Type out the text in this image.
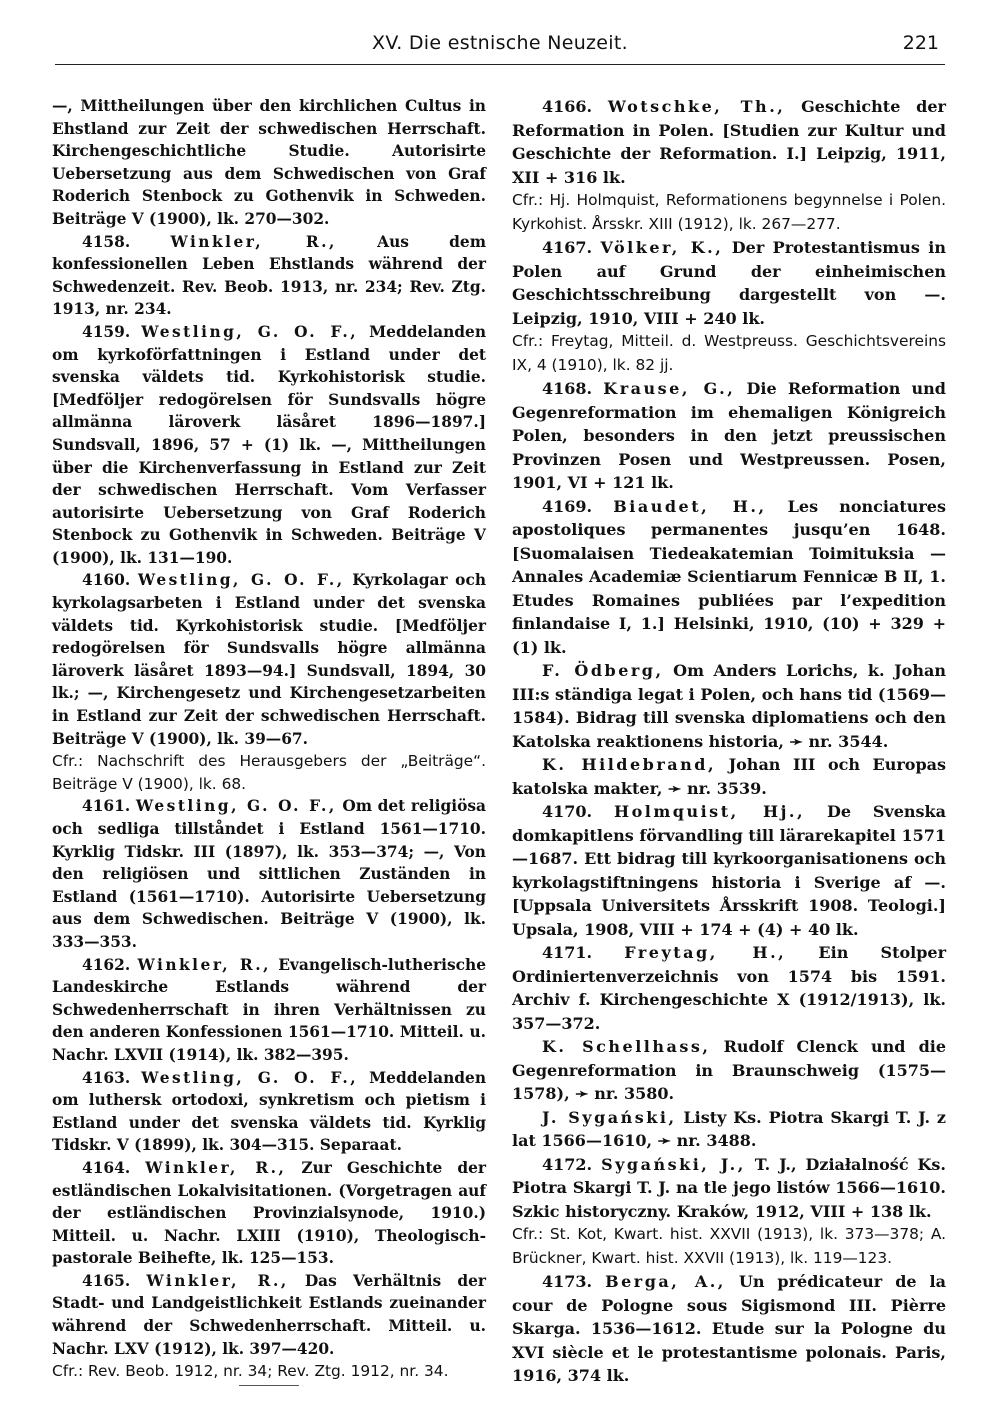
XV. Die estnische Neuzeit.	221

—, Mittheilungen über den kirchlichen Cultus in Ehstland zur Zeit der schwedischen Herrschaft. Kirchengeschichtliche Studie. Autorisirte Uebersetzung aus dem Schwedischen von Graf Roderich Stenbock zu Gothenvik in Schweden. Beiträge V (1900), lk. 270—302.

4158.	Winkler, R.,	Aus dem konfessionellen Leben Ehstlands während der Schwedenzeit. Rev. Beob. 1913, nr. 234; Rev. Ztg. 1913, nr. 234.

4159. Westling, G. O. F., Meddelanden om kyrkoförfattningen i Estland under det svenska väldets tid. Kyrkohistorisk studie. [Medföljer redogörelsen för Sundsvalls högre allmänna läroverk läsåret 1896—1897.] Sundsvall, 1896, 57 + (1) lk. —, Mittheilungen über die Kirchenverfassung in Estland zur Zeit der schwedischen Herrschaft. Vom Verfasser autorisirte Uebersetzung von Graf Roderich Stenbock zu Gothenvik in Schweden. Beiträge V (1900), lk. 131—190.

4160. Westling, G. O. F., Kyrkolagar och kyrkolagsarbeten i Estland under det svenska väldets tid. Kyrkohistorisk studie. [Medföljer redogörelsen för Sundsvalls högre allmänna läroverk läsåret 1893—94.] Sundsvall, 1894, 30 lk.; —, Kirchengesetz und Kirchengesetzarbeiten in Estland zur Zeit der schwedischen Herrschaft. Beiträge V (1900), lk. 39—67.

Cfr.: Nachschrift des Herausgebers der „Beiträge“. Beiträge V (1900), lk. 68.

4161. Westling, G. O. F., Om det religiösa och sedliga tillståndet i Estland 1561—1710. Kyrklig Tidskr. III (1897), lk. 353—374; —, Von den religiösen und sittlichen Zuständen in Estland (1561—1710). Autorisirte Uebersetzung aus dem Schwedischen. Beiträge V (1900), lk. 333—353.

4162. Winkler, R., Evangelisch-lutherische Landeskirche Estlands während der Schwedenherrschaft in ihren Verhältnissen zu den anderen Konfessionen 1561—1710. Mitteil. u. Nachr. LXVII (1914), lk. 382—395.

4163. Westling, G. O. F., Meddelanden om luthersk ortodoxi, synkretism och pietism i Estland under det svenska väldets tid. Kyrklig Tidskr. V (1899), lk. 304—315. Separaat.

4164. Winkler, R., Zur Geschichte der estländischen Lokalvisitationen. (Vorgetragen auf der estländischen Provinzialsynode, 1910.) Mitteil. u. Nachr. LXIII (1910), Theologisch-pastorale Beihefte, lk. 125—153.

4165. Winkler, R., Das Verhältnis der Stadt- und Landgeistlichkeit Estlands zueinander während der Schwedenherrschaft. Mitteil. u. Nachr. LXV (1912), lk. 397—420.

Cfr.: Rev. Beob. 1912, nr. 34; Rev. Ztg. 1912, nr. 34.

4166. Wotschke, Th., Geschichte der Reformation in Polen. [Studien zur Kultur und Geschichte der Reformation. I.] Leipzig, 1911, XII + 316 lk.

Cfr.: Hj. Holmquist, Reformationens begynnelse i Polen. Kyrkohist. Årsskr. XIII (1912), lk. 267—277.

4167. Völker, K., Der Protestantismus in Polen auf Grund der einheimischen Geschichtsschreibung dargestellt von —. Leipzig, 1910, VIII + 240 lk.

Cfr.: Freytag, Mitteil. d. Westpreuss. Geschichtsvereins IX, 4 (1910), lk. 82 jj.

4168. Krause, G., Die Reformation und Gegenreformation im ehemaligen Königreich Polen, besonders in den jetzt preussischen Provinzen Posen und Westpreussen. Posen, 1901, VI + 121 lk.

4169. Biaudet, H., Les nonciatures apostoliques permanentes jusqu’en 1648. [Suomalaisen Tiedeakatemian Toimituksia — Annales Academiæ Scientiarum Fennicæ B II, 1. Etudes Romaines publiées par l’expedition finlandaise I, 1.] Helsinki, 1910, (10) + 329 + (1) lk.

F. Ödberg, Om Anders Lorichs, k. Johan III:s ständiga legat i Polen, och hans tid (1569—1584). Bidrag till svenska diplomatiens och den Katolska reaktionens historia, ➛ nr. 3544.

K. Hildebrand, Johan III och Europas katolska makter, ➛ nr. 3539.

4170. Holmquist, Hj., De Svenska domkapitlens förvandling till lärarekapitel 1571—1687. Ett bidrag till kyrkoorganisationens och kyrkolagstiftningens historia i Sverige af —. [Uppsala Universitets Årsskrift 1908. Teologi.] Upsala, 1908, VIII + 174 + (4) + 40 lk.

4171. Freytag, H., Ein Stolper Ordiniertenverzeichnis von 1574 bis 1591. Archiv f. Kirchengeschichte X (1912/1913), lk. 357—372.

K. Schellhass, Rudolf Clenck und die Gegenreformation in Braunschweig (1575—1578), ➛ nr. 3580.

J. Sygański, Listy Ks. Piotra Skargi T. J. z lat 1566—1610, ➛ nr. 3488.

4172. Sygański, J., T. J., Działalność Ks. Piotra Skargi T. J. na tle jego listów 1566—1610. Szkic historyczny. Kraków, 1912, VIII + 138 lk.

Cfr.: St. Kot, Kwart. hist. XXVII (1913), lk. 373—378; A. Brückner, Kwart. hist. XXVII (1913), lk. 119—123.

4173. Berga, A., Un prédicateur de la cour de Pologne sous Sigismond III. Pièrre Skarga. 1536—1612. Etude sur la Pologne du XVI siècle et le protestantisme polonais. Paris, 1916, 374 lk.
